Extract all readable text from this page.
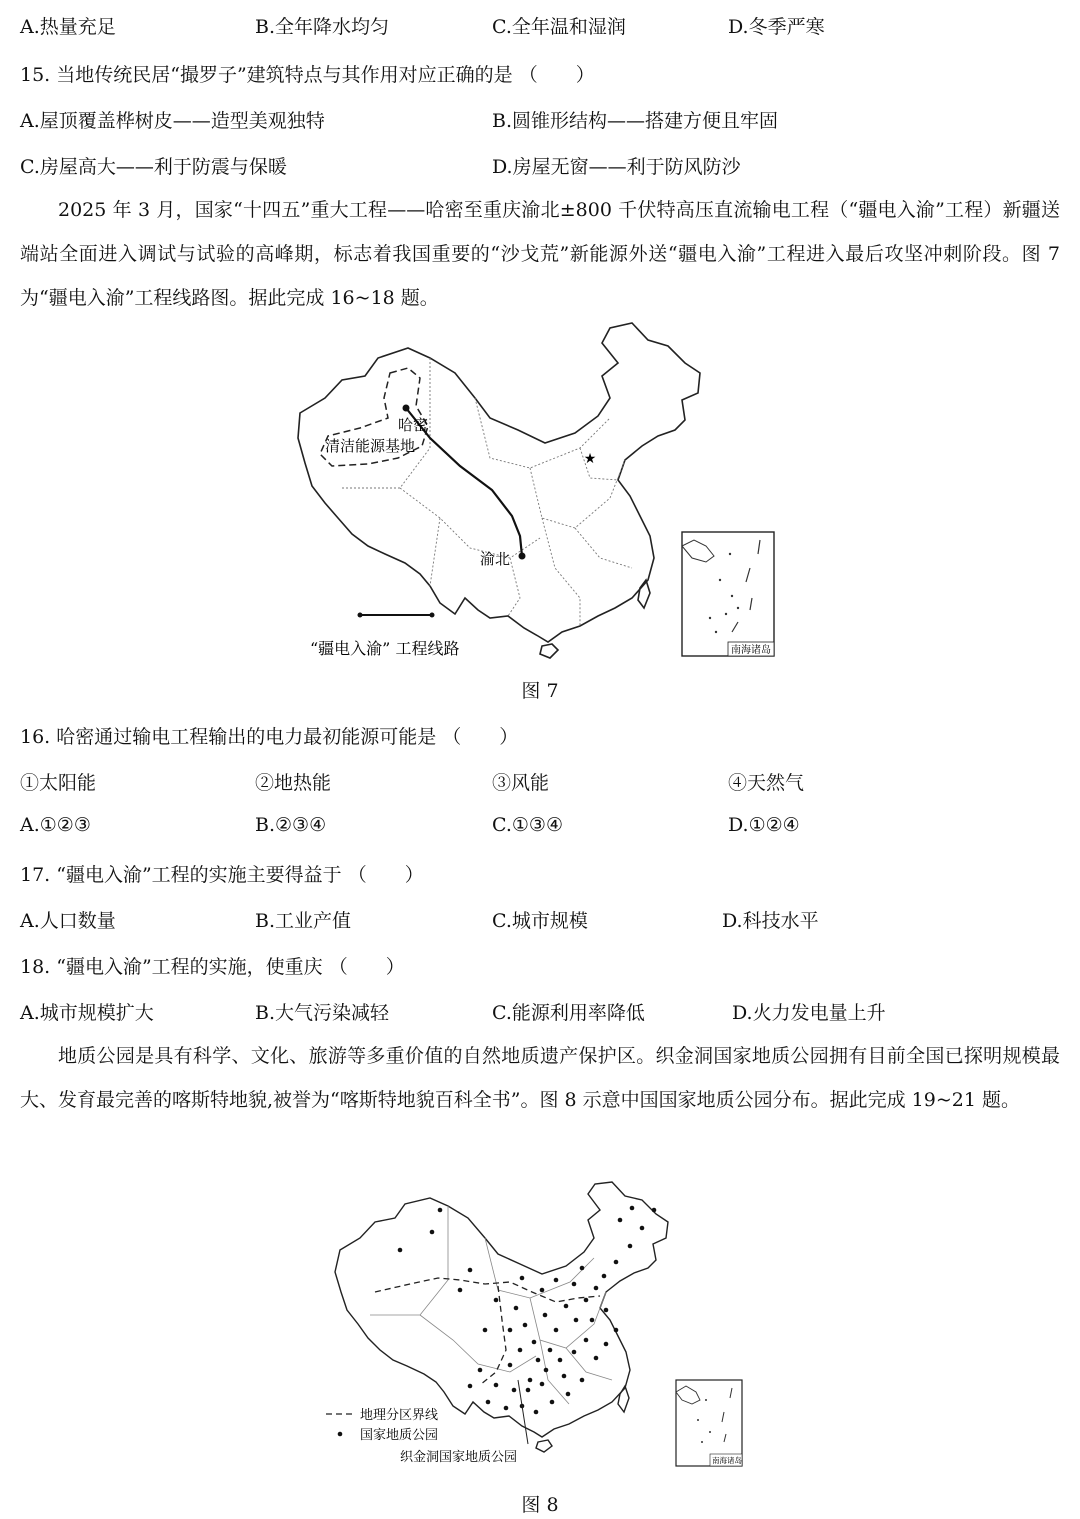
A.热量充足	B.全年降水均匀	C.全年温和湿润	D.冬季严寒
15. 当地传统民居“撮罗子”建筑特点与其作用对应正确的是 （　　）
A.屋顶覆盖桦树皮——造型美观独特	B.圆锥形结构——搭建方便且牢固
C.房屋高大——利于防震与保暖	D.房屋无窗——利于防风防沙
2025 年 3 月，国家“十四五”重大工程——哈密至重庆渝北±800 千伏特高压直流输电工程（“疆电入渝”工程）新疆送端站全面进入调试与试验的高峰期，标志着我国重要的“沙戈荒”新能源外送“疆电入渝”工程进入最后攻坚冲刺阶段。图 7 为“疆电入渝”工程线路图。据此完成 16~18 题。
★
哈密
清洁能源基地
渝北
“疆电入渝” 工程线路	南海诸岛
图 7
16. 哈密通过输电工程输出的电力最初能源可能是 （　　）
①太阳能	②地热能	③风能	④天然气
A.①②③	B.②③④	C.①③④	D.①②④
17. “疆电入渝”工程的实施主要得益于 （　　）
A.人口数量	B.工业产值	C.城市规模	D.科技水平
18. “疆电入渝”工程的实施，使重庆 （　　）
A.城市规模扩大	B.大气污染减轻	C.能源利用率降低	D.火力发电量上升
地质公园是具有科学、文化、旅游等多重价值的自然地质遗产保护区。织金洞国家地质公园拥有目前全国已探明规模最大、发育最完善的喀斯特地貌,被誉为“喀斯特地貌百科全书”。图 8 示意中国国家地质公园分布。据此完成 19~21 题。
地理分区界线
国家地质公园
织金洞国家地质公园	南海诸岛
图 8
